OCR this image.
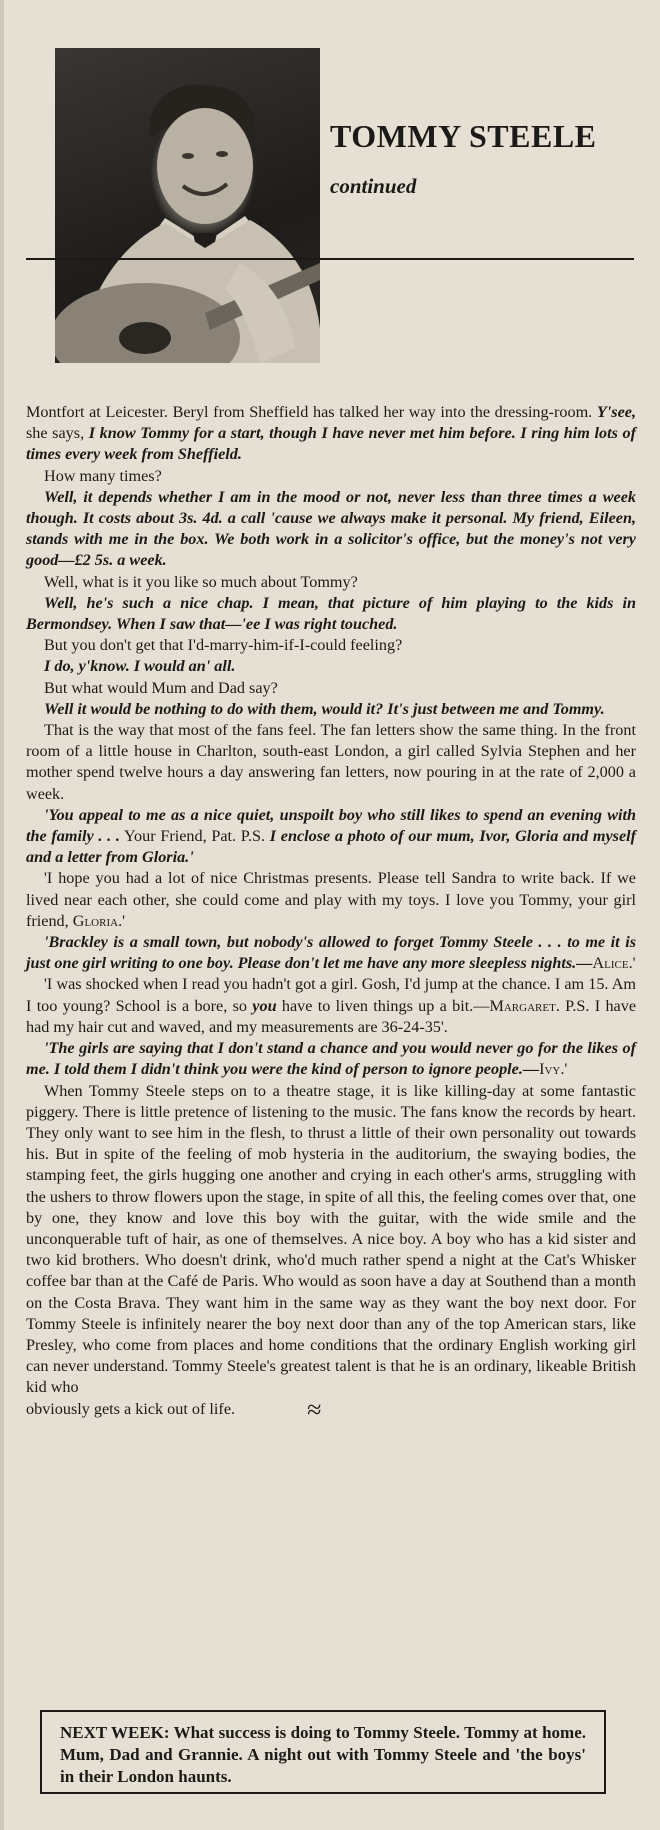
TOMMY STEELE
continued

Montfort at Leicester. Beryl from Sheffield has talked her way into the dressing-room. Y'see, she says, I know Tommy for a start, though I have never met him before. I ring him lots of times every week from Sheffield.

How many times?

Well, it depends whether I am in the mood or not, never less than three times a week though. It costs about 3s. 4d. a call 'cause we always make it personal. My friend, Eileen, stands with me in the box. We both work in a solicitor's office, but the money's not very good—£2 5s. a week.

Well, what is it you like so much about Tommy?

Well, he's such a nice chap. I mean, that picture of him playing to the kids in Bermondsey. When I saw that—'ee I was right touched.

But you don't get that I'd-marry-him-if-I-could feeling?

I do, y'know. I would an' all.

But what would Mum and Dad say?

Well it would be nothing to do with them, would it? It's just between me and Tommy.

That is the way that most of the fans feel. The fan letters show the same thing. In the front room of a little house in Charlton, south-east London, a girl called Sylvia Stephen and her mother spend twelve hours a day answering fan letters, now pouring in at the rate of 2,000 a week.

'You appeal to me as a nice quiet, unspoilt boy who still likes to spend an evening with the family . . . Your Friend, Pat. P.S. I enclose a photo of our mum, Ivor, Gloria and myself and a letter from Gloria.'

'I hope you had a lot of nice Christmas presents. Please tell Sandra to write back. If we lived near each other, she could come and play with my toys. I love you Tommy, your girl friend, Gloria.'

'Brackley is a small town, but nobody's allowed to forget Tommy Steele . . . to me it is just one girl writing to one boy. Please don't let me have any more sleepless nights.—Alice.'

'I was shocked when I read you hadn't got a girl. Gosh, I'd jump at the chance. I am 15. Am I too young? School is a bore, so you have to liven things up a bit.—Margaret. P.S. I have had my hair cut and waved, and my measurements are 36-24-35'.

'The girls are saying that I don't stand a chance and you would never go for the likes of me. I told them I didn't think you were the kind of person to ignore people.—Ivy.'

When Tommy Steele steps on to a theatre stage, it is like killing-day at some fantastic piggery. There is little pretence of listening to the music. The fans know the records by heart. They only want to see him in the flesh, to thrust a little of their own personality out towards his. But in spite of the feeling of mob hysteria in the auditorium, the swaying bodies, the stamping feet, the girls hugging one another and crying in each other's arms, struggling with the ushers to throw flowers upon the stage, in spite of all this, the feeling comes over that, one by one, they know and love this boy with the guitar, with the wide smile and the unconquerable tuft of hair, as one of themselves. A nice boy. A boy who has a kid sister and two kid brothers. Who doesn't drink, who'd much rather spend a night at the Cat's Whisker coffee bar than at the Café de Paris. Who would as soon have a day at Southend than a month on the Costa Brava. They want him in the same way as they want the boy next door. For Tommy Steele is infinitely nearer the boy next door than any of the top American stars, like Presley, who come from places and home conditions that the ordinary English working girl can never understand. Tommy Steele's greatest talent is that he is an ordinary, likeable British kid who

obviously gets a kick out of life.	≈

NEXT WEEK: What success is doing to Tommy Steele. Tommy at home. Mum, Dad and Grannie. A night out with Tommy Steele and 'the boys' in their London haunts.
